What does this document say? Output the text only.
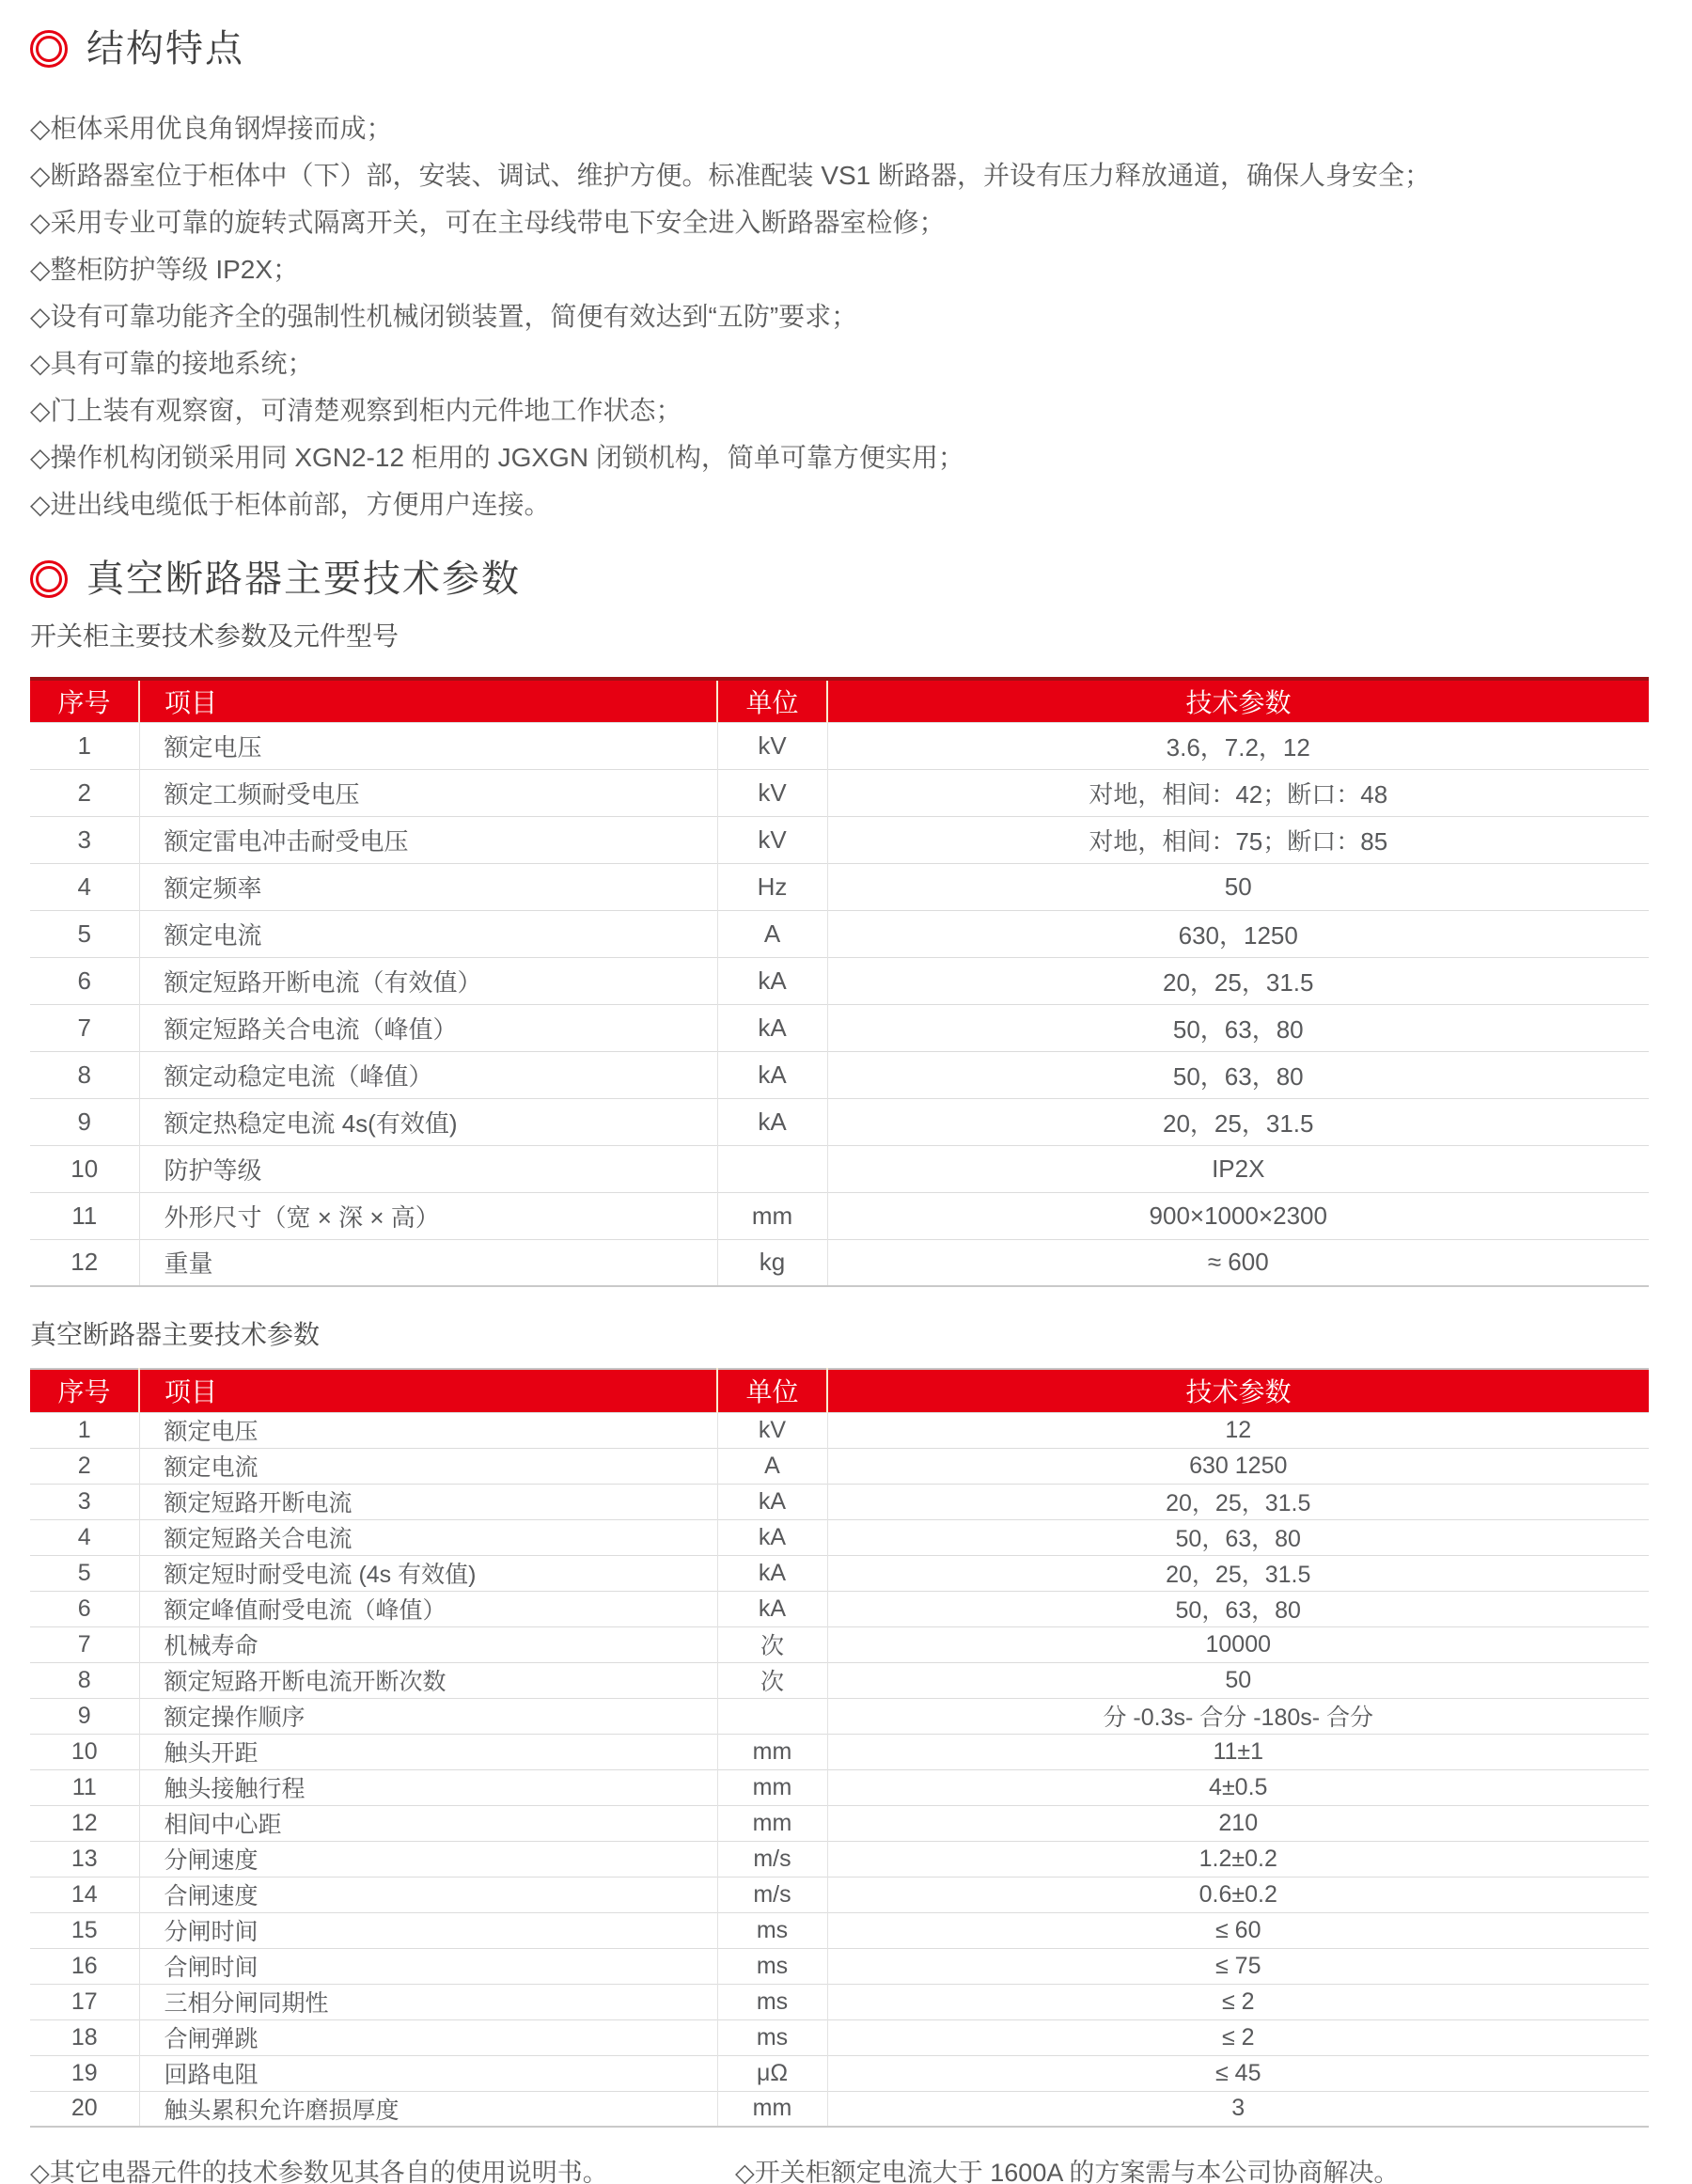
结构特点
◇柜体采用优良角钢焊接而成；
◇断路器室位于柜体中（下）部，安装、调试、维护方便。标准配装 VS1 断路器，并设有压力释放通道，确保人身安全；
◇采用专业可靠的旋转式隔离开关，可在主母线带电下安全进入断路器室检修；
◇整柜防护等级 IP2X；
◇设有可靠功能齐全的强制性机械闭锁装置，简便有效达到“五防”要求；
◇具有可靠的接地系统；
◇门上装有观察窗，可清楚观察到柜内元件地工作状态；
◇操作机构闭锁采用同 XGN2-12 柜用的 JGXGN 闭锁机构，简单可靠方便实用；
◇进出线电缆低于柜体前部，方便用户连接。
真空断路器主要技术参数
开关柜主要技术参数及元件型号
序号	项目	单位	技术参数
1	额定电压	kV	3.6，7.2，12
2	额定工频耐受电压	kV	对地，相间：42；断口：48
3	额定雷电冲击耐受电压	kV	对地，相间：75；断口：85
4	额定频率	Hz	50
5	额定电流	A	630，1250
6	额定短路开断电流（有效值）	kA	20，25，31.5
7	额定短路关合电流（峰值）	kA	50，63，80
8	额定动稳定电流（峰值）	kA	50，63，80
9	额定热稳定电流 4s(有效值)	kA	20，25，31.5
10	防护等级		IP2X
11	外形尺寸（宽 × 深 × 高）	mm	900×1000×2300
12	重量	kg	≈ 600
真空断路器主要技术参数
序号	项目	单位	技术参数
1	额定电压	kV	12
2	额定电流	A	630 1250
3	额定短路开断电流	kA	20，25，31.5
4	额定短路关合电流	kA	50，63，80
5	额定短时耐受电流 (4s 有效值)	kA	20，25，31.5
6	额定峰值耐受电流（峰值）	kA	50，63，80
7	机械寿命	次	10000
8	额定短路开断电流开断次数	次	50
9	额定操作顺序		分 -0.3s- 合分 -180s- 合分
10	触头开距	mm	11±1
11	触头接触行程	mm	4±0.5
12	相间中心距	mm	210
13	分闸速度	m/s	1.2±0.2
14	合闸速度	m/s	0.6±0.2
15	分闸时间	ms	≤ 60
16	合闸时间	ms	≤ 75
17	三相分闸同期性	ms	≤ 2
18	合闸弹跳	ms	≤ 2
19	回路电阻	μΩ	≤ 45
20	触头累积允许磨损厚度	mm	3
◇其它电器元件的技术参数见其各自的使用说明书。	◇开关柜额定电流大于 1600A 的方案需与本公司协商解决。
